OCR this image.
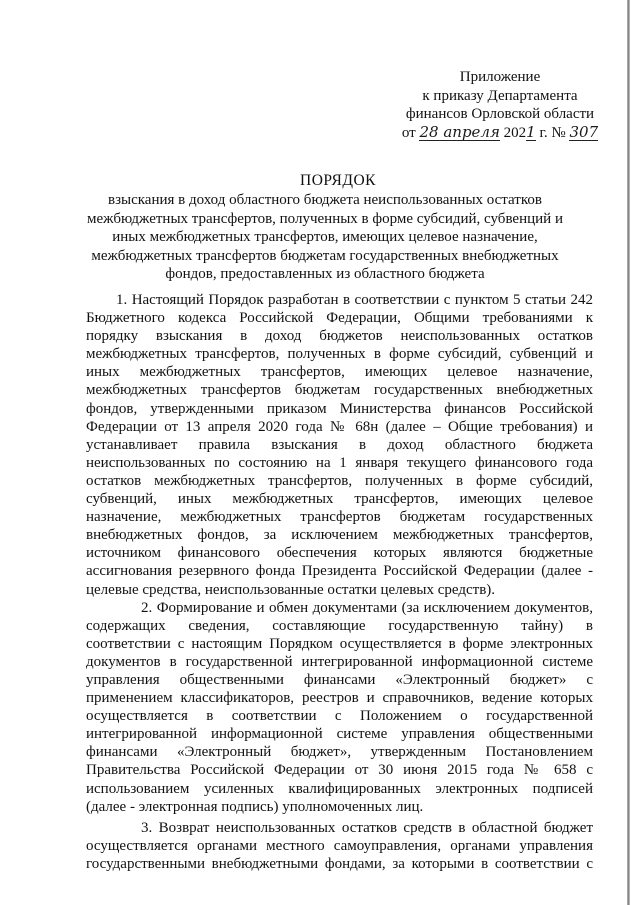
Приложение
к приказу Департамента
финансов Орловской области
от 28 апреля 2021 г. № 307
ПОРЯДОК
взыскания в доход областного бюджета неиспользованных остатков
межбюджетных трансфертов, полученных в форме субсидий, субвенций и
иных межбюджетных трансфертов, имеющих целевое назначение,
межбюджетных трансфертов бюджетам государственных внебюджетных
фондов, предоставленных из областного бюджета
1. Настоящий Порядок разработан в соответствии с пунктом 5 статьи 242
Бюджетного кодекса Российской Федерации, Общими требованиями к
порядку взыскания в доход бюджетов неиспользованных остатков
межбюджетных трансфертов, полученных в форме субсидий, субвенций и
иных межбюджетных трансфертов, имеющих целевое назначение,
межбюджетных трансфертов бюджетам государственных внебюджетных
фондов, утвержденными приказом Министерства финансов Российской
Федерации от 13 апреля 2020 года № 68н (далее – Общие требования) и
устанавливает правила взыскания в доход областного бюджета
неиспользованных по состоянию на 1 января текущего финансового года
остатков межбюджетных трансфертов, полученных в форме субсидий,
субвенций, иных межбюджетных трансфертов, имеющих целевое
назначение, межбюджетных трансфертов бюджетам государственных
внебюджетных фондов, за исключением межбюджетных трансфертов,
источником финансового обеспечения которых являются бюджетные
ассигнования резервного фонда Президента Российской Федерации (далее -
целевые средства, неиспользованные остатки целевых средств).
2. Формирование и обмен документами (за исключением документов,
содержащих сведения, составляющие государственную тайну) в
соответствии с настоящим Порядком осуществляется в форме электронных
документов в государственной интегрированной информационной системе
управления общественными финансами «Электронный бюджет» с
применением классификаторов, реестров и справочников, ведение которых
осуществляется в соответствии с Положением о государственной
интегрированной информационной системе управления общественными
финансами «Электронный бюджет», утвержденным Постановлением
Правительства Российской Федерации от 30 июня 2015 года № 658 с
использованием усиленных квалифицированных электронных подписей
(далее - электронная подпись) уполномоченных лиц.
3. Возврат неиспользованных остатков средств в областной бюджет
осуществляется органами местного самоуправления, органами управления
государственными внебюджетными фондами, за которыми в соответствии с
